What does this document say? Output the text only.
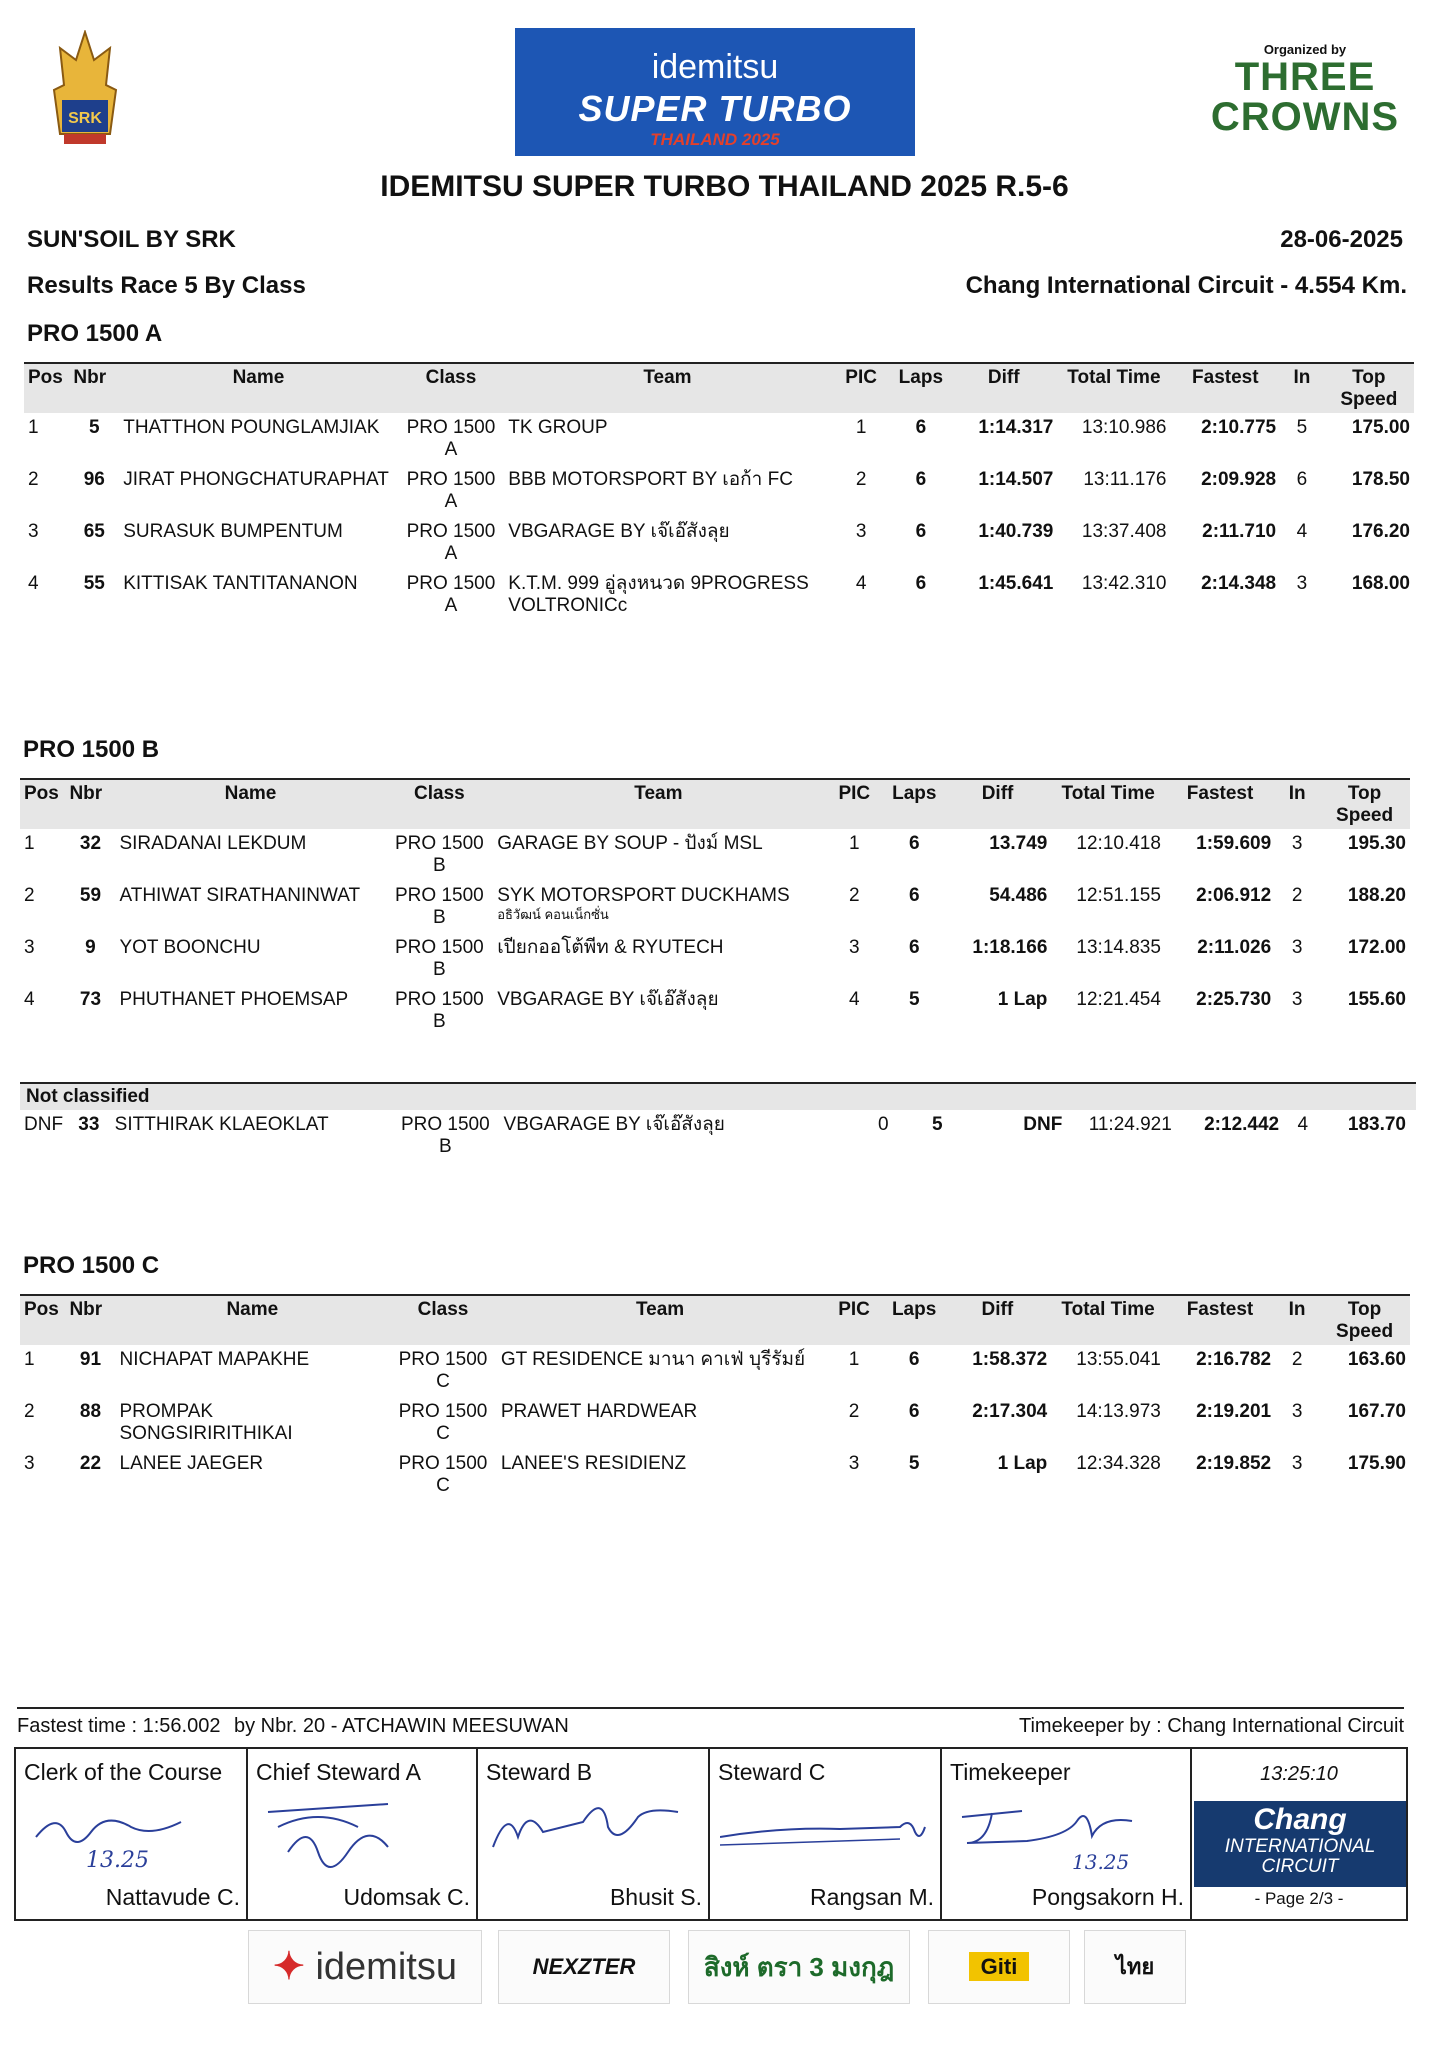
SRK
idemitsu
SUPER TURBO
THAILAND 2025
Organized by
THREE CROWNS
IDEMITSU SUPER TURBO THAILAND 2025 R.5-6
SUN'SOIL BY SRK	28-06-2025
Results Race 5 By Class	Chang International Circuit - 4.554 Km.
PRO 1500 A
Pos	Nbr	Name	Class	Team	PIC	Laps	Diff	Total Time	Fastest	In	Top Speed
1	5	THATTHON POUNGLAMJIAK	PRO 1500 A	TK GROUP	1	6	1:14.317	13:10.986	2:10.775	5	175.00
2	96	JIRAT PHONGCHATURAPHAT	PRO 1500 A	BBB MOTORSPORT BY เอก้า FC	2	6	1:14.507	13:11.176	2:09.928	6	178.50
3	65	SURASUK BUMPENTUM	PRO 1500 A	VBGARAGE BY เจ๊เอ๊สังลุย	3	6	1:40.739	13:37.408	2:11.710	4	176.20
4	55	KITTISAK TANTITANANON	PRO 1500 A	K.T.M. 999 อู่ลุงหนวด 9PROGRESS VOLTRONICc	4	6	1:45.641	13:42.310	2:14.348	3	168.00
PRO 1500 B
Pos	Nbr	Name	Class	Team	PIC	Laps	Diff	Total Time	Fastest	In	Top Speed
1	32	SIRADANAI LEKDUM	PRO 1500 B	GARAGE BY SOUP - ปังม์ MSL	1	6	13.749	12:10.418	1:59.609	3	195.30
2	59	ATHIWAT SIRATHANINWAT	PRO 1500 B	SYK MOTORSPORT DUCKHAMS
อธิวัฒน์ คอนเน็กซั่น	2	6	54.486	12:51.155	2:06.912	2	188.20
3	9	YOT BOONCHU	PRO 1500 B	เปียกออโต้พีท & RYUTECH	3	6	1:18.166	13:14.835	2:11.026	3	172.00
4	73	PHUTHANET PHOEMSAP	PRO 1500 B	VBGARAGE BY เจ๊เอ๊สังลุย	4	5	1 Lap	12:21.454	2:25.730	3	155.60
Not classified
DNF	33	SITTHIRAK KLAEOKLAT	PRO 1500 B	VBGARAGE BY เจ๊เอ๊สังลุย	0	5	DNF	11:24.921	2:12.442	4	183.70
PRO 1500 C
Pos	Nbr	Name	Class	Team	PIC	Laps	Diff	Total Time	Fastest	In	Top Speed
1	91	NICHAPAT MAPAKHE	PRO 1500 C	GT RESIDENCE มานา คาเฟ่ บุรีรัมย์	1	6	1:58.372	13:55.041	2:16.782	2	163.60
2	88	PROMPAK SONGSIRIRITHIKAI	PRO 1500 C	PRAWET HARDWEAR	2	6	2:17.304	14:13.973	2:19.201	3	167.70
3	22	LANEE JAEGER	PRO 1500 C	LANEE'S RESIDIENZ	3	5	1 Lap	12:34.328	2:19.852	3	175.90
Fastest time : 1:56.002 by Nbr. 20 - ATCHAWIN MEESUWAN	Timekeeper by : Chang International Circuit
Clerk of the Course
13.25
Nattavude C.
Chief Steward A
Udomsak C.
Steward B
Bhusit S.
Steward C
Rangsan M.
Timekeeper
13.25
Pongsakorn H.
13:25:10
Chang
INTERNATIONAL
CIRCUIT
- Page 2/3 -
✦ idemitsu	NEXZTER	สิงห์ ตรา 3 มงกุฎ	Giti	ไทย
